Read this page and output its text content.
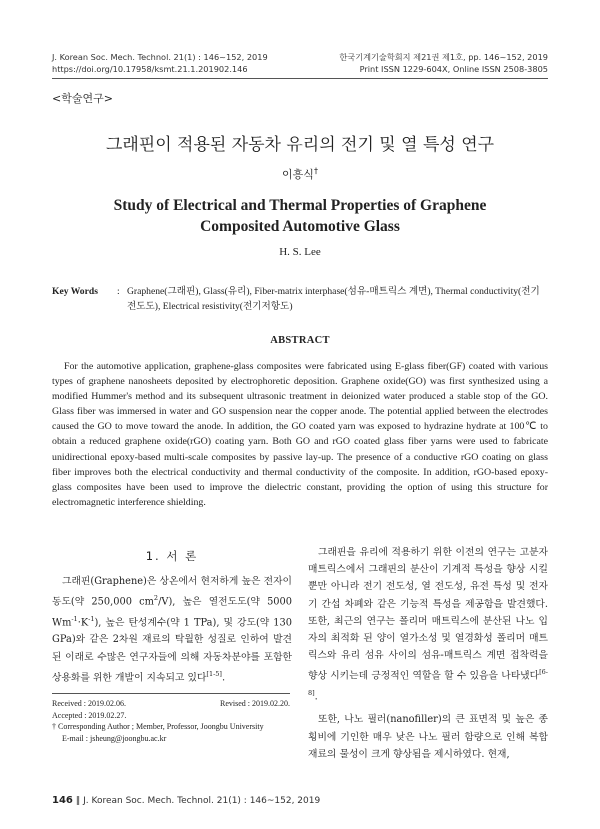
J. Korean Soc. Mech. Technol. 21(1) : 146~152, 2019
https://doi.org/10.17958/ksmt.21.1.201902.146
한국기계기술학회지 제21권 제1호, pp. 146~152, 2019
Print ISSN 1229-604X, Online ISSN 2508-3805
<학술연구>
그래핀이 적용된 자동차 유리의 전기 및 열 특성 연구
이흥식†
Study of Electrical and Thermal Properties of Graphene
Composited Automotive Glass
H. S. Lee
Key Words	: Graphene(그래핀), Glass(유리), Fiber-matrix interphase(섬유-매트릭스 계면), Thermal conductivity(전기전도도), Electrical resistivity(전기저항도)
ABSTRACT

For the automotive application, graphene-glass composites were fabricated using E-glass fiber(GF) coated with various types of graphene nanosheets deposited by electrophoretic deposition. Graphene oxide(GO) was first synthesized using a modified Hummer's method and its subsequent ultrasonic treatment in deionized water produced a stable stop of the GO. Glass fiber was immersed in water and GO suspension near the copper anode. The potential applied between the electrodes caused the GO to move toward the anode. In addition, the GO coated yarn was exposed to hydrazine hydrate at 100℃ to obtain a reduced graphene oxide(rGO) coating yarn. Both GO and rGO coated glass fiber yarns were used to fabricate unidirectional epoxy-based multi-scale composites by passive lay-up. The presence of a conductive rGO coating on glass fiber improves both the electrical conductivity and thermal conductivity of the composite. In addition, rGO-based epoxy-glass composites have been used to improve the dielectric constant, providing the option of using this structure for electromagnetic interference shielding.

1. 서 론

그래핀(Graphene)은 상온에서 현저하게 높은 전자이동도(약 250,000 $cm^2/V$), 높은 열전도도(약 5000 $Wm^{-1}\cdot K^{-1}$), 높은 탄성계수(약 1 TPa), 및 강도(약 130 GPa)와 같은 2차원 재료의 탁월한 성질로 인하여 발견된 이래로 수많은 연구자들에 의해 자동차분야를 포함한 상용화를 위한 개발이 지속되고 있다[1-5].

Received : 2019.02.06.	Revised : 2019.02.20.
Accepted : 2019.02.27.
† Corresponding Author ; Member, Professor, Joongbu University
E-mail : jsheung@joongbu.ac.kr

그래핀을 유리에 적용하기 위한 이전의 연구는 고분자 매트릭스에서 그래핀의 분산이 기계적 특성을 향상 시킬 뿐만 아니라 전기 전도성, 열 전도성, 유전 특성 및 전자기 간섭 차폐와 같은 기능적 특성을 제공함을 발견했다. 또한, 최근의 연구는 폴리머 매트릭스에 분산된 나노 입자의 최적화 된 양이 열가소성 및 열경화성 폴리머 매트릭스와 유리 섬유 사이의 섬유-매트릭스 계면 접착력을 향상 시키는데 긍정적인 역할을 할 수 있음을 나타냈다[6-8].

또한, 나노 필러(nanofiller)의 큰 표면적 및 높은 종횡비에 기인한 매우 낮은 나노 필러 함량으로 인해 복합 재료의 물성이 크게 향상됨을 제시하였다. 현재,

146 ‖ J. Korean Soc. Mech. Technol. 21(1) : 146~152, 2019
